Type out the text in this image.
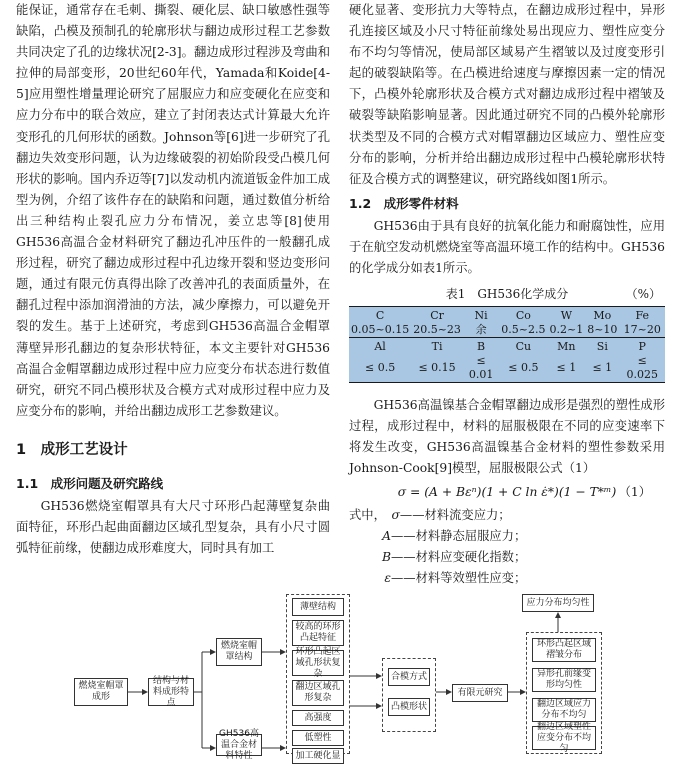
能保证，通常存在毛刺、撕裂、硬化层、缺口敏感性强等缺陷，凸模及预制孔的轮廓形状与翻边成形过程工艺参数共同决定了孔的边缘状况[2-3]。翻边成形过程涉及弯曲和拉伸的局部变形，20世纪60年代，Yamada和Koide[4-5]应用塑性增量理论研究了屈服应力和应变硬化在应变和应力分布中的联合效应，建立了封闭表达式计算最大允许变形孔的几何形状的函数。Johnson等[6]进一步研究了孔翻边失效变形问题，认为边缘破裂的初始阶段受凸模几何形状的影响。国内乔迈等[7]以发动机内流道钣金件加工成型为例，介绍了该件存在的缺陷和问题，通过数值分析给出三种结构止裂孔应力分布情况，姜立忠等[8]使用GH536高温合金材料研究了翻边孔冲压件的一般翻孔成形过程，研究了翻边成形过程中孔边缘开裂和竖边变形问题，通过有限元仿真得出除了改善冲孔的表面质量外，在翻孔过程中添加润滑油的方法，减少摩擦力，可以避免开裂的发生。基于上述研究，考虑到GH536高温合金帽罩薄壁异形孔翻边的复杂形状特征，本文主要针对GH536高温合金帽罩翻边成形过程中应力应变分布状态进行数值研究，研究不同凸模形状及合模方式对成形过程中应力及应变分布的影响，并给出翻边成形工艺参数建议。

1　成形工艺设计
1.1　成形问题及研究路线

GH536燃烧室帽罩具有大尺寸环形凸起薄壁复杂曲面特征，环形凸起曲面翻边区域孔型复杂，具有小尺寸圆弧特征前缘，使翻边成形难度大，同时具有加工

硬化显著、变形抗力大等特点，在翻边成形过程中，异形孔连接区域及小尺寸特征前缘处易出现应力、塑性应变分布不均匀等情况，使局部区域易产生褶皱以及过度变形引起的破裂缺陷等。在凸模进给速度与摩擦因素一定的情况下，凸模外轮廓形状及合模方式对翻边成形过程中褶皱及破裂等缺陷影响显著。因此通过研究不同的凸模外轮廓形状类型及不同的合模方式对帽罩翻边区域应力、塑性应变分布的影响，分析并给出翻边成形过程中凸模轮廓形状特征及合模方式的调整建议，研究路线如图1所示。

1.2　成形零件材料

GH536由于具有良好的抗氧化能力和耐腐蚀性，应用于在航空发动机燃烧室等高温环境工作的结构中。GH536的化学成分如表1所示。

表1　GH536化学成分	（%）
C	Cr	Ni	Co	W	Mo	Fe
0.05~0.15	20.5~23	余	0.5~2.5	0.2~1	8~10	17~20
Al	Ti	B	Cu	Mn	Si	P
≤ 0.5	≤ 0.15	≤ 0.01	≤ 0.5	≤ 1	≤ 1	≤ 0.025

GH536高温镍基合金帽罩翻边成形是强烈的塑性成形过程，成形过程中，材料的屈服极限在不同的应变速率下将发生改变，GH536高温镍基合金材料的塑性参数采用Johnson-Cook[9]模型，屈服极限公式（1）

σ = (A + Bεⁿ)(1 + C ln ε̇*)(1 − T*ᵐ) （1）
式中， σ——材料流变应力；
A——材料静态屈服应力；
B——材料应变硬化指数；
ε——材料等效塑性应变；
燃烧室帽罩成形
结构与材料成形特点
燃烧室帽罩结构
GH536高温合金材料特性
薄壁结构
较高的环形凸起特征
环形凸起区域孔形状复杂
翻边区域孔形复杂
高强度
低塑性
加工硬化显
合模方式
凸模形状
有限元研究
应力分布均匀性
环形凸起区域褶皱分布
异形孔前缘变形均匀性
翻边区域应力分布不均匀
翻边区域塑性应变分布不均匀
